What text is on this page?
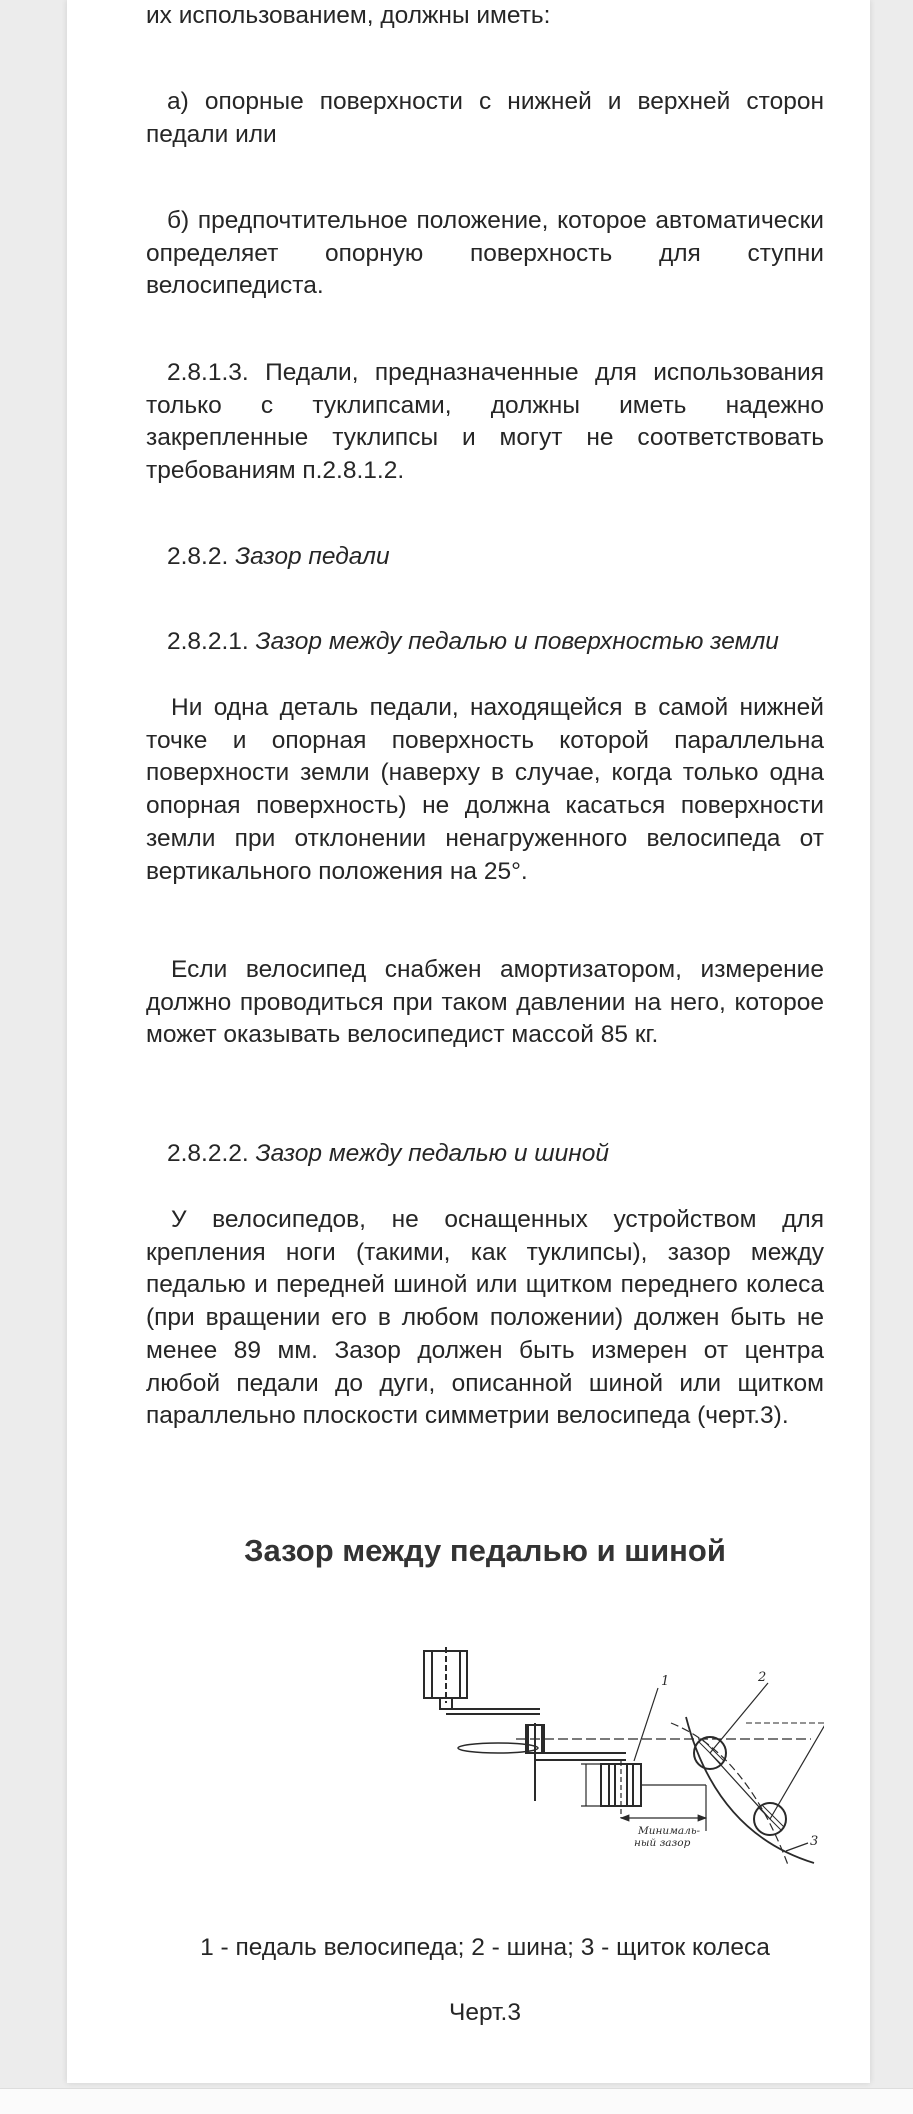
их использованием, должны иметь:

а) опорные поверхности с нижней и верхней сторон педали или

б) предпочтительное положение, которое автоматически определяет опорную поверхность для ступни велосипедиста.

2.8.1.3. Педали, предназначенные для использования только с туклипсами, должны иметь надежно закрепленные туклипсы и могут не соответствовать требованиям п.2.8.1.2.

2.8.2. Зазор педали

2.8.2.1. Зазор между педалью и поверхностью земли

Ни одна деталь педали, находящейся в самой нижней точке и опорная поверхность которой параллельна поверхности земли (наверху в случае, когда только одна опорная поверхность) не должна касаться поверхности земли при отклонении ненагруженного велосипеда от вертикального положения на 25°.

Если велосипед снабжен амортизатором, измерение должно проводиться при таком давлении на него, которое может оказывать велосипедист массой 85 кг.

2.8.2.2. Зазор между педалью и шиной

У велосипедов, не оснащенных устройством для крепления ноги (такими, как туклипсы), зазор между педалью и передней шиной или щитком переднего колеса (при вращении его в любом положении) должен быть не менее 89 мм. Зазор должен быть измерен от центра любой педали до дуги, описанной шиной или щитком параллельно плоскости симметрии велосипеда (черт.3).

Зазор между педалью и шиной
1	2
3
Минималь-
ный зазор
1 - педаль велосипеда; 2 - шина; 3 - щиток колеса
Черт.3
